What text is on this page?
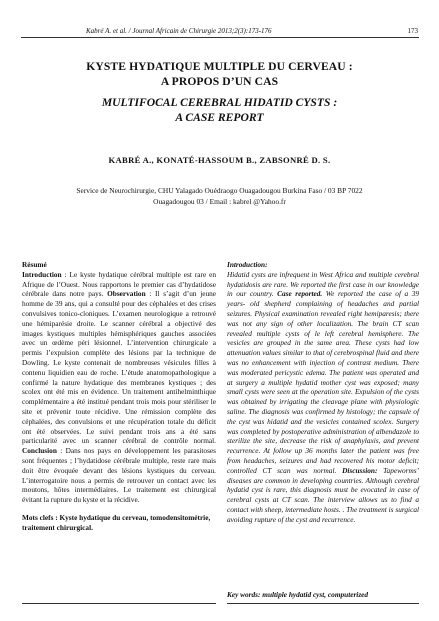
Kabré A. et al. / Journal Africain de Chirurgie 2013;2(3):173-176	173
KYSTE HYDATIQUE MULTIPLE DU CERVEAU :
A PROPOS D’UN CAS
MULTIFOCAL CEREBRAL HIDATID CYSTS :
A CASE REPORT
KABRÉ A., KONATÉ-HASSOUM B., ZABSONRÉ D. S.
Service de Neurochirurgie, CHU Yalagado Ouédraogo Ouagadougou Burkina Faso / 03 BP 7022
Ouagadougou 03 / Email : kabrel @Yahoo.fr
Résumé

Introduction : Le kyste hydatique cérébral multiple est rare en Afrique de l’Ouest. Nous rapportons le premier cas d’hydatidose cérébrale dans notre pays. Observation : Il s’agit d’un jeune homme de 39 ans, qui a consulté pour des céphalées et des crises convulsives tonico-cloniques. L’examen neurologique a retrouvé une hémiparésie droite. Le scanner cérébral a objectivé des images kystiques multiples hémisphériques gauches associées avec un œdème péri lésionnel. L’intervention chirurgicale a permis l’expulsion complète des lésions par la technique de Dowling. Le kyste contenait de nombreuses vésicules filles à contenu liquidien eau de roche. L’étude anatomopathologique a confirmé la nature hydatique des membranes kystiques ; des scolex ont été mis en évidence. Un traitement antihelminthique complémentaire a été institué pendant trois mois pour stériliser le site et prévenir toute récidive. Une rémission complète des céphalées, des convulsions et une récupération totale du déficit ont été observées. Le suivi pendant trois ans a été sans particularité avec un scanner cérébral de contrôle normal. Conclusion : Dans nos pays en développement les parasitoses sont fréquentes ; l’hydatidose cérébrale multiple, reste rare mais doit être évoquée devant des lésions kystiques du cerveau. L’interrogatoire nous a permis de retrouver un contact avec les moutons, hôtes intermédiaires. Le traitement est chirurgical évitant la rupture du kyste et la récidive.

Mots clefs : Kyste hydatique du cerveau, tomodensitométrie, traitement chirurgical.

Introduction:

Hidatid cysts are infrequent in West Africa and multiple cerebral hydatidosis are rare. We reported the first case in our knowledge in our country. Case reported. We reported the case of a 39 years- old shepherd complaining of headaches and partial seizures. Physical examination revealed right hemiparesis; there was not any sign of other localization. The brain CT scan revealed multiple cysts of le left cerebral hemisphere. The vesicles are grouped in the same area. These cysts had low attenuation values similar to that of cerebrospinal fluid and there was no enhancement with injection of contrast medium. There was moderated pericystic edema. The patient was operated and at surgery a multiple hydatid mother cyst was exposed; many small cysts were seen at the operation site. Expulsion of the cysts was obtained by irrigating the cleavage plane with physiologic saline. The diagnosis was confirmed by histology; the capsule of the cyst was hidatid and the vesicles contained scolex. Surgery was completed by postoperative administration of albendazole to sterilize the site, decrease the risk of anaphylaxis, and prevent recurrence. At follow up 36 months later the patient was free from headaches, seizures and had recovered his motor deficit; controlled CT scan was normal. Discussion: Tapeworms’ diseases are common in developing countries. Although cerebral hydatid cyst is rare, this diagnosis must be evocated in case of cerebral cysts at CT scan. The interview allows us to find a contact with sheep, intermediate hosts. . The treatment is surgical avoiding rupture of the cyst and recurrence.

Key words: multiple hydatid cyst, computerized
